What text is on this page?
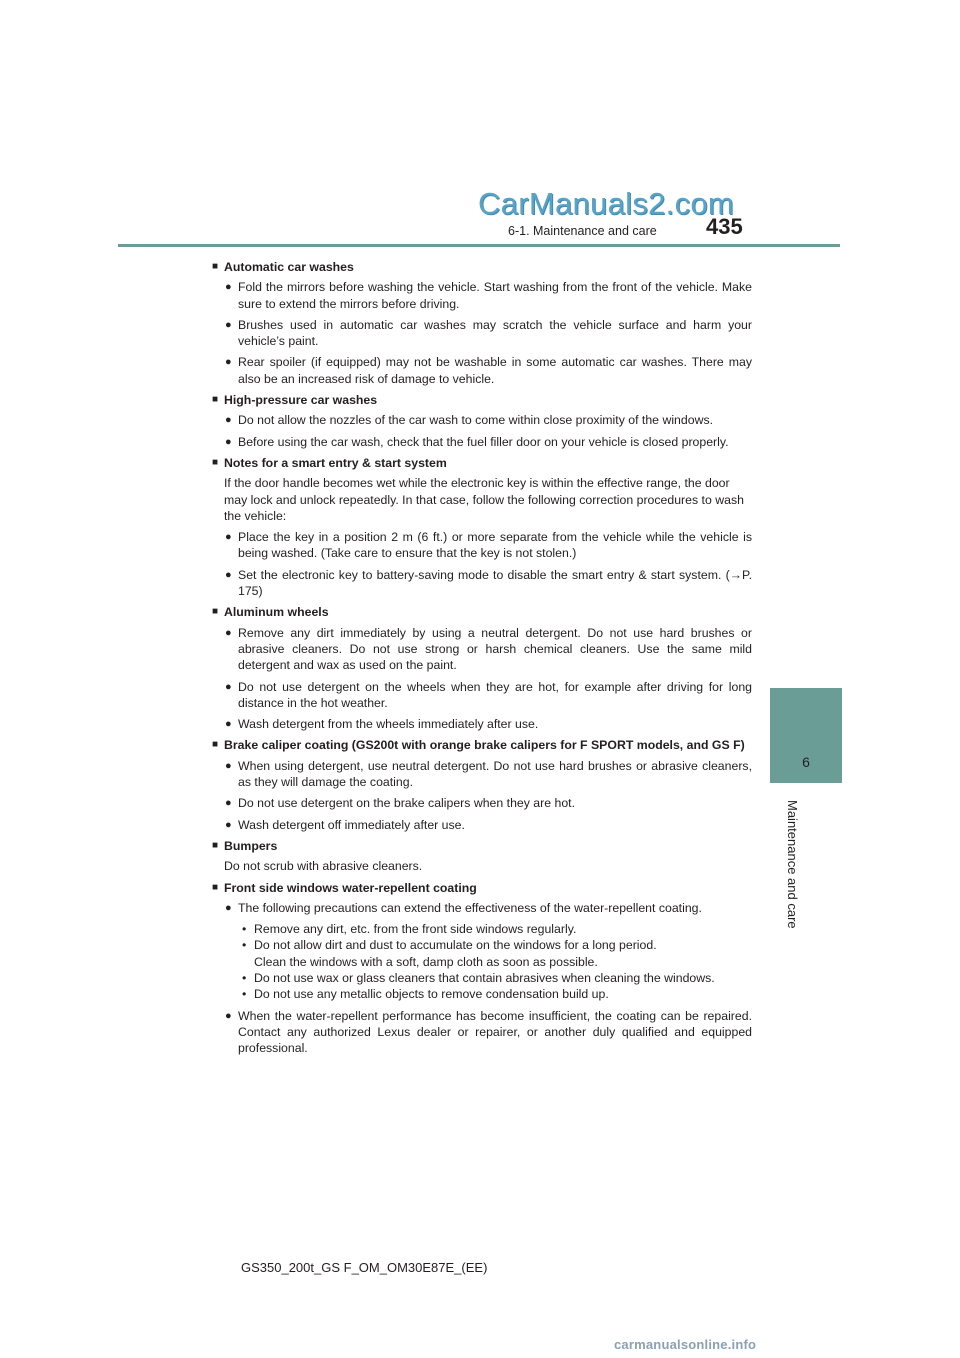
CarManuals2.com
6-1. Maintenance and care 435
6
Maintenance and care
■ Automatic car washes
● Fold the mirrors before washing the vehicle. Start washing from the front of the vehicle. Make sure to extend the mirrors before driving.
● Brushes used in automatic car washes may scratch the vehicle surface and harm your vehicle’s paint.
● Rear spoiler (if equipped) may not be washable in some automatic car washes. There may also be an increased risk of damage to vehicle.
■ High-pressure car washes
● Do not allow the nozzles of the car wash to come within close proximity of the windows.
● Before using the car wash, check that the fuel filler door on your vehicle is closed properly.
■ Notes for a smart entry & start system
If the door handle becomes wet while the electronic key is within the effective range, the door may lock and unlock repeatedly. In that case, follow the following correction procedures to wash the vehicle:
● Place the key in a position 2 m (6 ft.) or more separate from the vehicle while the vehicle is being washed. (Take care to ensure that the key is not stolen.)
● Set the electronic key to battery-saving mode to disable the smart entry & start system. (→P. 175)
■ Aluminum wheels
● Remove any dirt immediately by using a neutral detergent. Do not use hard brushes or abrasive cleaners. Do not use strong or harsh chemical cleaners. Use the same mild detergent and wax as used on the paint.
● Do not use detergent on the wheels when they are hot, for example after driving for long distance in the hot weather.
● Wash detergent from the wheels immediately after use.
■ Brake caliper coating (GS200t with orange brake calipers for F SPORT models, and GS F)
● When using detergent, use neutral detergent. Do not use hard brushes or abrasive cleaners, as they will damage the coating.
● Do not use detergent on the brake calipers when they are hot.
● Wash detergent off immediately after use.
■ Bumpers
Do not scrub with abrasive cleaners.
■ Front side windows water-repellent coating
● The following precautions can extend the effectiveness of the water-repellent coating.
• Remove any dirt, etc. from the front side windows regularly.
• Do not allow dirt and dust to accumulate on the windows for a long period.
Clean the windows with a soft, damp cloth as soon as possible.
• Do not use wax or glass cleaners that contain abrasives when cleaning the windows.
• Do not use any metallic objects to remove condensation build up.
● When the water-repellent performance has become insufficient, the coating can be repaired. Contact any authorized Lexus dealer or repairer, or another duly qualified and equipped professional.
GS350_200t_GS F_OM_OM30E87E_(EE)
carmanualsonline.info
